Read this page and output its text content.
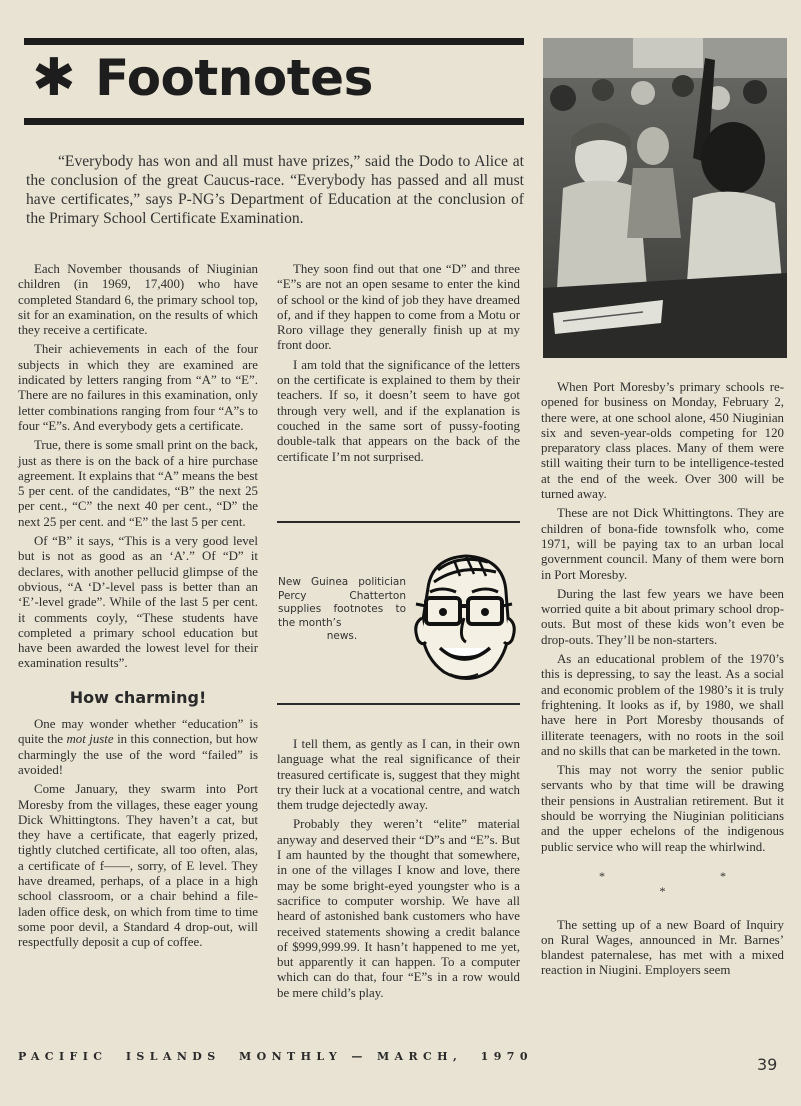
✱ Footnotes

“Everybody has won and all must have prizes,” said the Dodo to Alice at the conclusion of the great Caucus-race. “Everybody has passed and all must have certificates,” says P-NG’s Department of Education at the conclusion of the Primary School Certificate Examination.

Each November thousands of Niuginian children (in 1969, 17,400) who have completed Standard 6, the primary school top, sit for an examination, on the results of which they receive a certificate.

Their achievements in each of the four subjects in which they are examined are indicated by letters ranging from “A” to “E”. There are no failures in this examination, only letter combinations ranging from four “A”s to four “E”s. And everybody gets a certificate.

True, there is some small print on the back, just as there is on the back of a hire purchase agreement. It explains that “A” means the best 5 per cent. of the candidates, “B” the next 25 per cent., “C” the next 40 per cent., “D” the next 25 per cent. and “E” the last 5 per cent.

Of “B” it says, “This is a very good level but is not as good as an ‘A’.” Of “D” it declares, with another pellucid glimpse of the obvious, “A ‘D’-level pass is better than an ‘E’-level grade”. While of the last 5 per cent. it comments coyly, “These students have completed a primary school education but have been awarded the lowest level for their examination results”.

How charming!

One may wonder whether “education” is quite the mot juste in this connection, but how charmingly the use of the word “failed” is avoided!

Come January, they swarm into Port Moresby from the villages, these eager young Dick Whittingtons. They haven’t a cat, but they have a certificate, that eagerly prized, tightly clutched certificate, all too often, alas, a certificate of f——, sorry, of E level. They have dreamed, perhaps, of a place in a high school classroom, or a chair behind a file-laden office desk, on which from time to time some poor devil, a Standard 4 drop-out, will respectfully deposit a cup of coffee.

They soon find out that one “D” and three “E”s are not an open sesame to enter the kind of school or the kind of job they have dreamed of, and if they happen to come from a Motu or Roro village they generally finish up at my front door.

I am told that the significance of the letters on the certificate is explained to them by their teachers. If so, it doesn’t seem to have got through very well, and if the explanation is couched in the same sort of pussy-footing double-talk that appears on the back of the certificate I’m not surprised.

New Guinea politician Percy Chatterton supplies footnotes to the month’s
news.

I tell them, as gently as I can, in their own language what the real significance of their treasured certificate is, suggest that they might try their luck at a vocational centre, and watch them trudge dejectedly away.

Probably they weren’t “elite” material anyway and deserved their “D”s and “E”s. But I am haunted by the thought that somewhere, in one of the villages I know and love, there may be some bright-eyed youngster who is a sacrifice to computer worship. We have all heard of astonished bank customers who have received statements showing a credit balance of $999,999.99. It hasn’t happened to me yet, but apparently it can happen. To a computer which can do that, four “E”s in a row would be mere child’s play.

When Port Moresby’s primary schools re-opened for business on Monday, February 2, there were, at one school alone, 450 Niuginian six and seven-year-olds competing for 120 preparatory class places. Many of them were still waiting their turn to be intelligence-tested at the end of the week. Over 300 will be turned away.

These are not Dick Whittingtons. They are children of bona-fide townsfolk who, come 1971, will be paying tax to an urban local government council. Many of them were born in Port Moresby.

During the last few years we have been worried quite a bit about primary school drop-outs. But most of these kids won’t even be drop-outs. They’ll be non-starters.

As an educational problem of the 1970’s this is depressing, to say the least. As a social and economic problem of the 1980’s it is truly frightening. It looks as if, by 1980, we shall have here in Port Moresby thousands of illiterate teenagers, with no roots in the soil and no skills that can be marketed in the town.

This may not worry the senior public servants who by that time will be drawing their pensions in Australian retirement. But it should be worrying the Niuginian politicians and the upper echelons of the indigenous public service who will reap the whirlwind.

* * *

The setting up of a new Board of Inquiry on Rural Wages, announced in Mr. Barnes’ blandest paternalese, has met with a mixed reaction in Niugini. Employers seem

PACIFIC  ISLANDS  MONTHLY — MARCH,  1970	39
